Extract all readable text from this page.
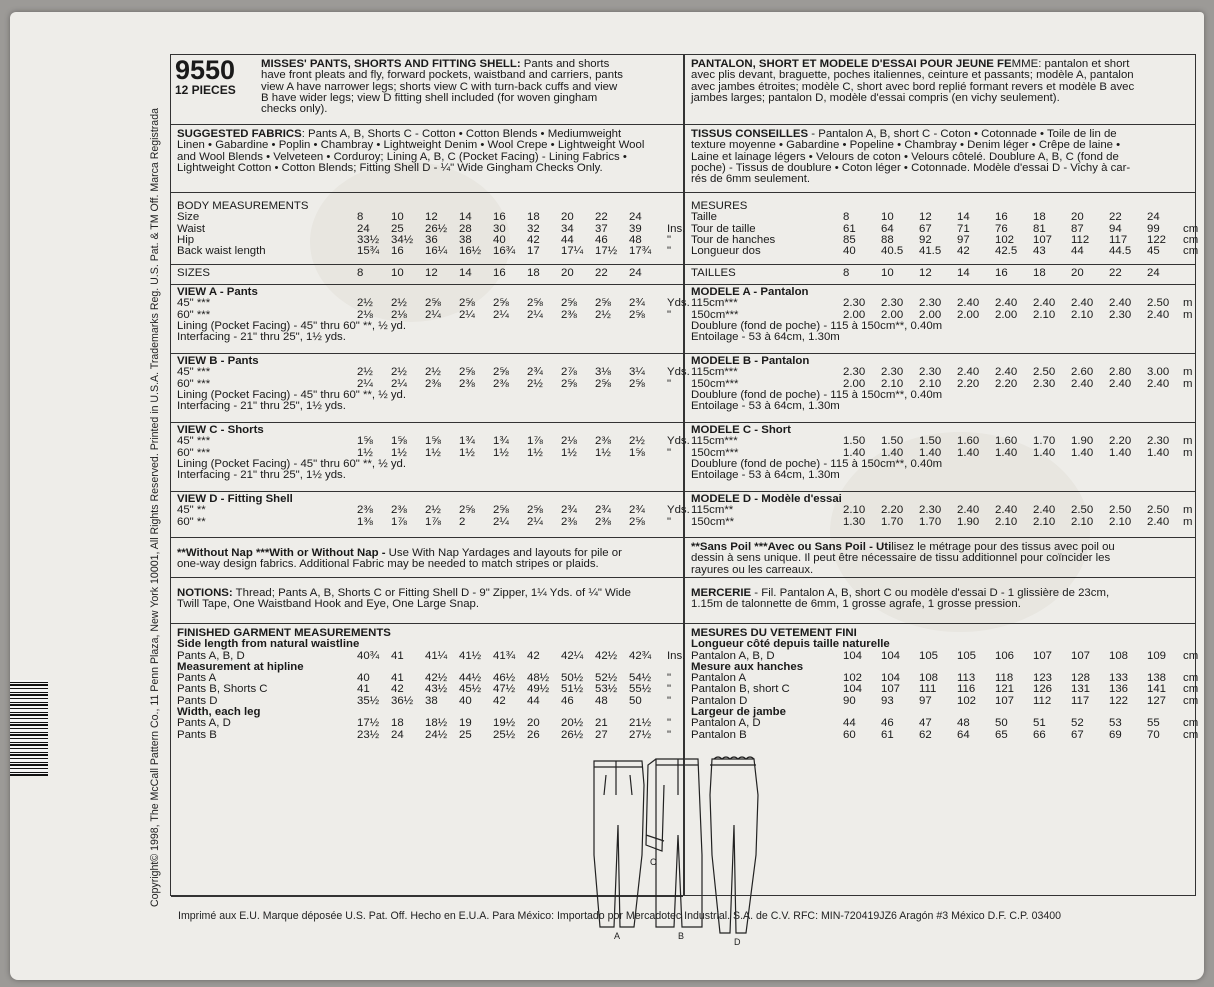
Copyright© 1998, The McCall Pattern Co., 11 Penn Plaza, New York 10001, All Rights Reserved. Printed in U.S.A. Trademarks Reg. U.S. Pat. & TM Off. Marca Registrada
9550
12 PIECES
MISSES' PANTS, SHORTS AND FITTING SHELL: Pants and shorts
have front pleats and fly, forward pockets, waistband and carriers, pants
view A have narrower legs; shorts view C with turn-back cuffs and view
B have wider legs; view D fitting shell included (for woven gingham
checks only).
SUGGESTED FABRICS: Pants A, B, Shorts C - Cotton • Cotton Blends • Mediumweight
Linen • Gabardine • Poplin • Chambray • Lightweight Denim • Wool Crepe • Lightweight Wool
and Wool Blends • Velveteen • Corduroy; Lining A, B, C (Pocket Facing) - Lining Fabrics •
Lightweight Cotton • Cotton Blends; Fitting Shell D - ¼" Wide Gingham Checks Only.
BODY MEASUREMENTS
Size	8 10 12 14 16 18 20 22 24
Waist	24 25 26½ 28 30 32 34 37 39 Ins.
Hip	33½ 34½ 36 38 40 42 44 46 48 "
Back waist length	15¾ 16 16¼ 16½ 16¾ 17 17¼ 17½ 17¾ "
SIZES	8 10 12 14 16 18 20 22 24
VIEW A - Pants
45" ***	2½ 2½ 2⅝ 2⅝ 2⅝ 2⅝ 2⅝ 2⅝ 2¾ Yds.
60" ***	2⅛ 2⅛ 2¼ 2¼ 2¼ 2¼ 2⅜ 2½ 2⅝ "
Lining (Pocket Facing) - 45" thru 60" **, ½ yd.
Interfacing - 21" thru 25", 1½ yds.
VIEW B - Pants
45" ***	2½ 2½ 2½ 2⅝ 2⅝ 2¾ 2⅞ 3⅛ 3¼ Yds.
60" ***	2¼ 2¼ 2⅜ 2⅜ 2⅜ 2½ 2⅝ 2⅝ 2⅝ "
Lining (Pocket Facing) - 45" thru 60" **, ½ yd.
Interfacing - 21" thru 25", 1½ yds.
VIEW C - Shorts
45" ***	1⅝ 1⅝ 1⅝ 1¾ 1¾ 1⅞ 2⅛ 2⅜ 2½ Yds.
60" ***	1½ 1½ 1½ 1½ 1½ 1½ 1½ 1½ 1⅝ "
Lining (Pocket Facing) - 45" thru 60" **, ½ yd.
Interfacing - 21" thru 25", 1½ yds.
VIEW D - Fitting Shell
45" **	2⅜ 2⅜ 2½ 2⅝ 2⅝ 2⅝ 2¾ 2¾ 2¾ Yds.
60" **	1⅜ 1⅞ 1⅞ 2 2¼ 2¼ 2⅜ 2⅜ 2⅝ "
**Without Nap ***With or Without Nap - Use With Nap Yardages and layouts for pile or
one-way design fabrics. Additional Fabric may be needed to match stripes or plaids.
NOTIONS: Thread; Pants A, B, Shorts C or Fitting Shell D - 9" Zipper, 1¼ Yds. of ¼" Wide
Twill Tape, One Waistband Hook and Eye, One Large Snap.
FINISHED GARMENT MEASUREMENTS
Side length from natural waistline
Pants A, B, D	40¾ 41 41¼ 41½ 41¾ 42 42¼ 42½ 42¾ Ins.
Measurement at hipline
Pants A	40 41 42½ 44½ 46½ 48½ 50½ 52½ 54½ "
Pants B, Shorts C	41 42 43½ 45½ 47½ 49½ 51½ 53½ 55½ "
Pants D	35½ 36½ 38 40 42 44 46 48 50 "
Width, each leg
Pants A, D	17½ 18 18½ 19 19½ 20 20½ 21 21½ "
Pants B	23½ 24 24½ 25 25½ 26 26½ 27 27½ "
C
A	B
D
PANTALON, SHORT ET MODELE D'ESSAI POUR JEUNE FEMME: pantalon et short
avec plis devant, braguette, poches italiennes, ceinture et passants; modèle A, pantalon
avec jambes étroites; modèle C, short avec bord replié formant revers et modèle B avec
jambes larges; pantalon D, modèle d'essai compris (en vichy seulement).
TISSUS CONSEILLES - Pantalon A, B, short C - Coton • Cotonnade • Toile de lin de
texture moyenne • Gabardine • Popeline • Chambray • Denim léger • Crêpe de laine •
Laine et lainage légers • Velours de coton • Velours côtelé. Doublure A, B, C (fond de
poche) - Tissus de doublure • Coton léger • Cotonnade. Modèle d'essai D - Vichy à car-
rés de 6mm seulement.
MESURES
Taille	8	10 12 14 16 18 20 22 24
Tour de taille	61 64 67 71 76 81 87 94 99 cm
Tour de hanches	85 88 92 97 102 107 112 117 122 cm
Longueur dos	40 40.5 41.5 42 42.5 43 44 44.5 45 cm
TAILLES	8	10 12 14 16 18 20 22 24
MODELE A - Pantalon
115cm***	2.30 2.30 2.30 2.40 2.40 2.40 2.40 2.40 2.50 m
150cm***	2.00 2.00 2.00 2.00 2.00 2.10 2.10 2.30 2.40 m
Doublure (fond de poche) - 115 à 150cm**, 0.40m
Entoilage - 53 à 64cm, 1.30m
MODELE B - Pantalon
115cm***	2.30 2.30 2.30 2.40 2.40 2.50 2.60 2.80 3.00 m
150cm***	2.00 2.10 2.10 2.20 2.20 2.30 2.40 2.40 2.40 m
Doublure (fond de poche) - 115 à 150cm**, 0.40m
Entoilage - 53 à 64cm, 1.30m
MODELE C - Short
115cm***	1.50 1.50 1.50 1.60 1.60 1.70 1.90 2.20 2.30 m
150cm***	1.40 1.40 1.40 1.40 1.40 1.40 1.40 1.40 1.40 m
Doublure (fond de poche) - 115 à 150cm**, 0.40m
Entoilage - 53 à 64cm, 1.30m
MODELE D - Modèle d'essai
115cm**	2.10 2.20 2.30 2.40 2.40 2.40 2.50 2.50 2.50 m
150cm**	1.30 1.70 1.70 1.90 2.10 2.10 2.10 2.10 2.40 m
**Sans Poil ***Avec ou Sans Poil - Utilisez le métrage pour des tissus avec poil ou
dessin à sens unique. Il peut être nécessaire de tissu additionnel pour coïncider les
rayures ou les carreaux.
MERCERIE - Fil. Pantalon A, B, short C ou modèle d'essai D - 1 glissière de 23cm,
1.15m de talonnette de 6mm, 1 grosse agrafe, 1 grosse pression.
MESURES DU VETEMENT FINI
Longueur côté depuis taille naturelle
Pantalon A, B, D	104 104 105 105 106 107 107 108 109 cm
Mesure aux hanches
Pantalon A	102 104 108 113 118 123 128 133 138 cm
Pantalon B, short C	104 107 111 116 121 126 131 136 141 cm
Pantalon D	90 93 97 102 107 112 117 122 127 cm
Largeur de jambe
Pantalon A, D	44 46 47 48 50 51 52 53 55 cm
Pantalon B	60 61 62 64 65 66 67 69 70 cm
Imprimé aux E.U. Marque déposée U.S. Pat. Off. Hecho en E.U.A. Para México: Importado por Mercadotec Industrial. S.A. de C.V. RFC: MIN-720419JZ6 Aragón #3 México D.F. C.P. 03400
